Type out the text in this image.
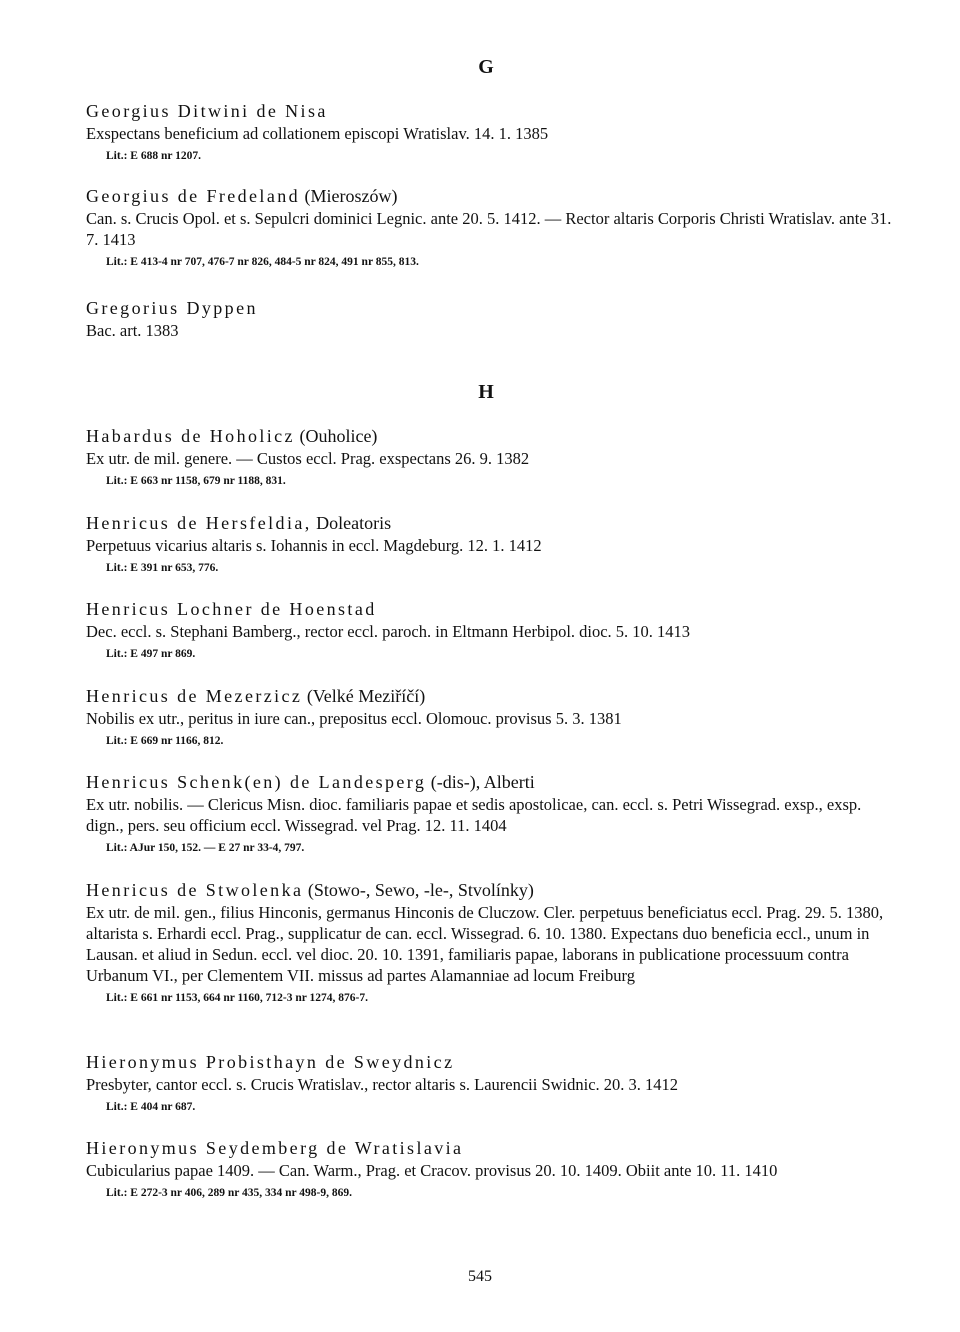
G
Georgius Ditwini de Nisa
Exspectans beneficium ad collationem episcopi Wratislav. 14. 1. 1385
Lit.: E 688 nr 1207.
Georgius de Fredeland (Mieroszów)
Can. s. Crucis Opol. et s. Sepulcri dominici Legnic. ante 20. 5. 1412. — Rector altaris Corporis Christi Wratislav. ante 31. 7. 1413
Lit.: E 413-4 nr 707, 476-7 nr 826, 484-5 nr 824, 491 nr 855, 813.
Gregorius Dyppen
Bac. art. 1383
H
Habardus de Hoholicz (Ouholice)
Ex utr. de mil. genere. — Custos eccl. Prag. exspectans 26. 9. 1382
Lit.: E 663 nr 1158, 679 nr 1188, 831.
Henricus de Hersfeldia, Doleatoris
Perpetuus vicarius altaris s. Iohannis in eccl. Magdeburg. 12. 1. 1412
Lit.: E 391 nr 653, 776.
Henricus Lochner de Hoenstad
Dec. eccl. s. Stephani Bamberg., rector eccl. paroch. in Eltmann Herbipol. dioc. 5. 10. 1413
Lit.: E 497 nr 869.
Henricus de Mezerzicz (Velké Meziříčí)
Nobilis ex utr., peritus in iure can., prepositus eccl. Olomouc. provisus 5. 3. 1381
Lit.: E 669 nr 1166, 812.
Henricus Schenk(en) de Landesperg (-dis-), Alberti
Ex utr. nobilis. — Clericus Misn. dioc. familiaris papae et sedis apostolicae, can. eccl. s. Petri Wissegrad. exsp., exsp. dign., pers. seu officium eccl. Wissegrad. vel Prag. 12. 11. 1404
Lit.: AJur 150, 152. — E 27 nr 33-4, 797.
Henricus de Stwolenka (Stowo-, Sewo, -le-, Stvolínky)
Ex utr. de mil. gen., filius Hinconis, germanus Hinconis de Cluczow. Cler. perpetuus beneficiatus eccl. Prag. 29. 5. 1380, altarista s. Erhardi eccl. Prag., supplicatur de can. eccl. Wissegrad. 6. 10. 1380. Expectans duo beneficia eccl., unum in Lausan. et aliud in Sedun. eccl. vel dioc. 20. 10. 1391, familiaris papae, laborans in publicatione processuum contra Urbanum VI., per Clementem VII. missus ad partes Alamanniae ad locum Freiburg
Lit.: E 661 nr 1153, 664 nr 1160, 712-3 nr 1274, 876-7.
Hieronymus Probisthayn de Sweydnicz
Presbyter, cantor eccl. s. Crucis Wratislav., rector altaris s. Laurencii Swidnic. 20. 3. 1412
Lit.: E 404 nr 687.
Hieronymus Seydemberg de Wratislavia
Cubicularius papae 1409. — Can. Warm., Prag. et Cracov. provisus 20. 10. 1409. Obiit ante 10. 11. 1410
Lit.: E 272-3 nr 406, 289 nr 435, 334 nr 498-9, 869.
545
